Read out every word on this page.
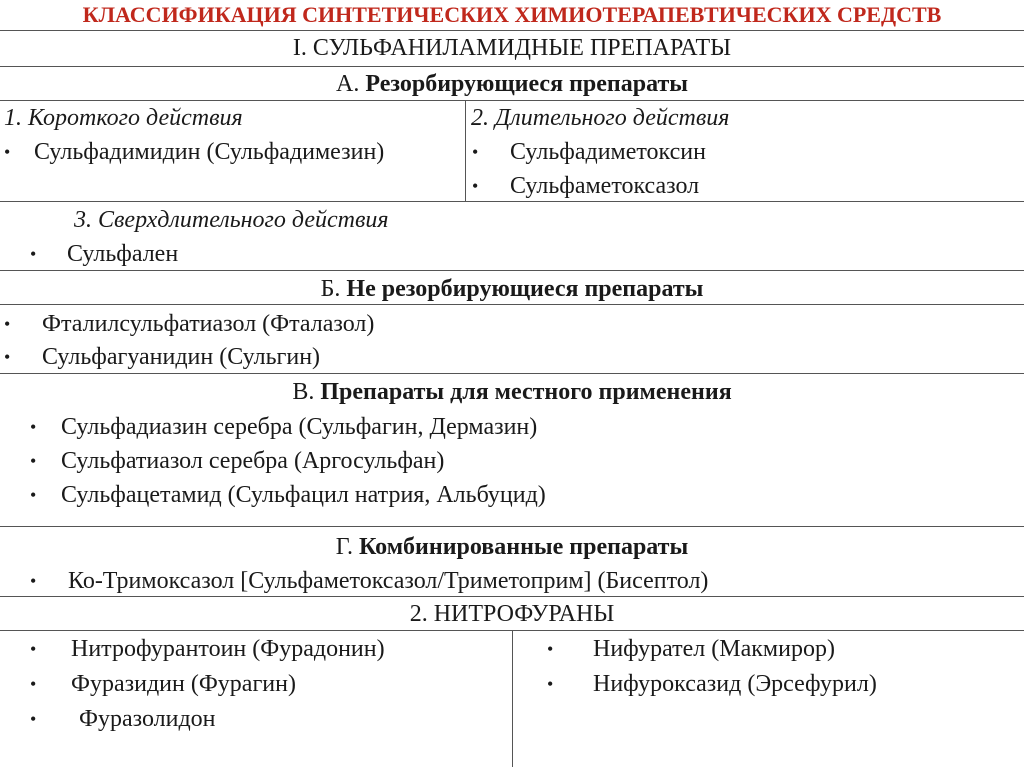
КЛАССИФИКАЦИЯ СИНТЕТИЧЕСКИХ ХИМИОТЕРАПЕВТИЧЕСКИХ СРЕДСТВ
I. СУЛЬФАНИЛАМИДНЫЕ ПРЕПАРАТЫ
А. Резорбирующиеся препараты
1. Короткого действия
• Сульфадимидин (Сульфадимезин)
2. Длительного действия
• Сульфадиметоксин
• Сульфаметоксазол
3. Сверхдлительного действия
• Сульфален
Б. Не резорбирующиеся препараты
• Фталилсульфатиазол (Фталазол)
• Сульфагуанидин (Сульгин)
В. Препараты для местного применения
• Сульфадиазин серебра (Сульфагин, Дермазин)
• Сульфатиазол серебра (Аргосульфан)
• Сульфацетамид (Сульфацил натрия, Альбуцид)
Г. Комбинированные препараты
• Ко-Тримоксазол [Сульфаметоксазол/Триметоприм] (Бисептол)
2. НИТРОФУРАНЫ
• Нитрофурантоин (Фурадонин)
• Фуразидин (Фурагин)
• Фуразолидон
• Нифурател (Макмирор)
• Нифуроксазид (Эрсефурил)
